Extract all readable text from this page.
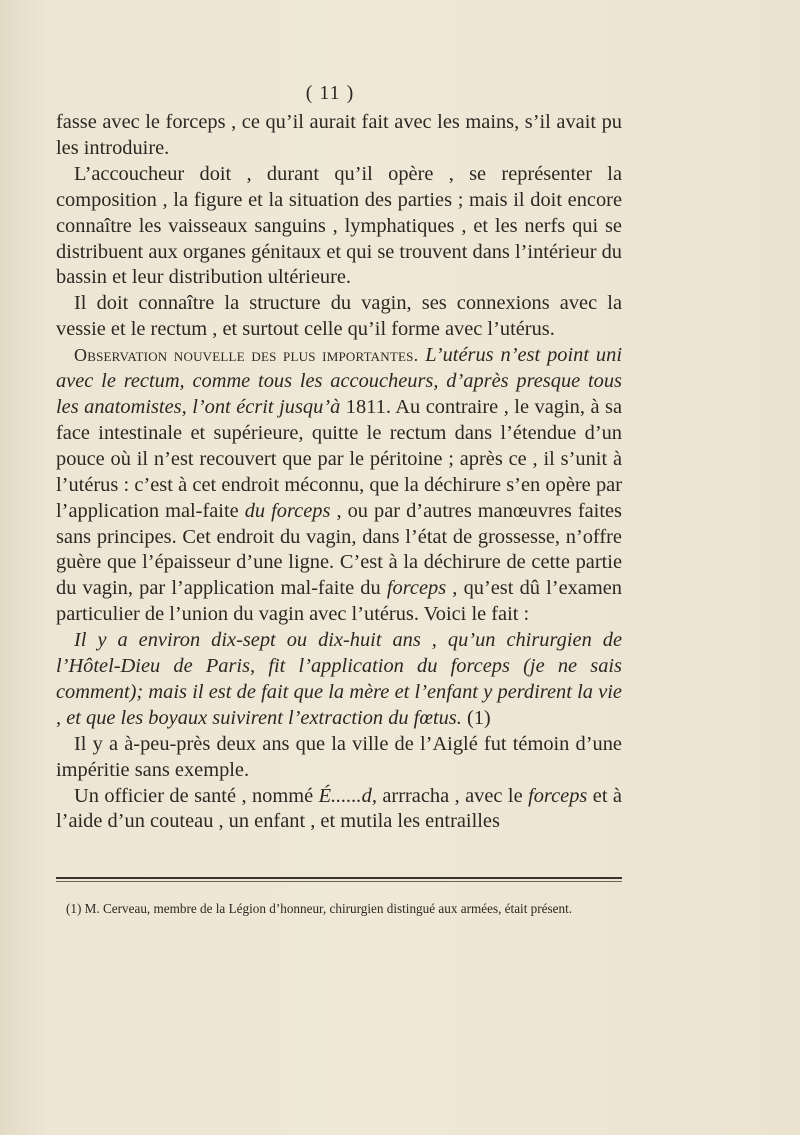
( 11 )

fasse avec le forceps , ce qu’il aurait fait avec les mains, s’il avait pu les introduire.

L’accoucheur doit , durant qu’il opère , se représenter la composition , la figure et la situation des parties ; mais il doit encore connaître les vaisseaux sanguins , lymphatiques , et les nerfs qui se distribuent aux organes génitaux et qui se trouvent dans l’intérieur du bassin et leur distribution ultérieure.

Il doit connaître la structure du vagin, ses connexions avec la vessie et le rectum , et surtout celle qu’il forme avec l’utérus.

Observation nouvelle des plus importantes. L’utérus n’est point uni avec le rectum, comme tous les accoucheurs, d’après presque tous les anatomistes, l’ont écrit jusqu’à 1811. Au contraire , le vagin, à sa face intestinale et supérieure, quitte le rectum dans l’étendue d’un pouce où il n’est recouvert que par le péritoine ; après ce , il s’unit à l’utérus : c’est à cet endroit méconnu, que la déchirure s’en opère par l’application mal-faite du forceps , ou par d’autres manœuvres faites sans principes. Cet endroit du vagin, dans l’état de grossesse, n’offre guère que l’épaisseur d’une ligne. C’est à la déchirure de cette partie du vagin, par l’application mal-faite du forceps , qu’est dû l’examen particulier de l’union du vagin avec l’utérus. Voici le fait :

Il y a environ dix-sept ou dix-huit ans , qu’un chirurgien de l’Hôtel-Dieu de Paris, fit l’application du forceps (je ne sais comment); mais il est de fait que la mère et l’enfant y perdirent la vie , et que les boyaux suivirent l’extraction du fœtus. (1)

Il y a à-peu-près deux ans que la ville de l’Aiglé fut témoin d’une impéritie sans exemple.

Un officier de santé , nommé É......d, arrracha , avec le forceps et à l’aide d’un couteau , un enfant , et mutila les entrailles

(1) M. Cerveau, membre de la Légion d’honneur, chirurgien distingué aux armées, était présent.
